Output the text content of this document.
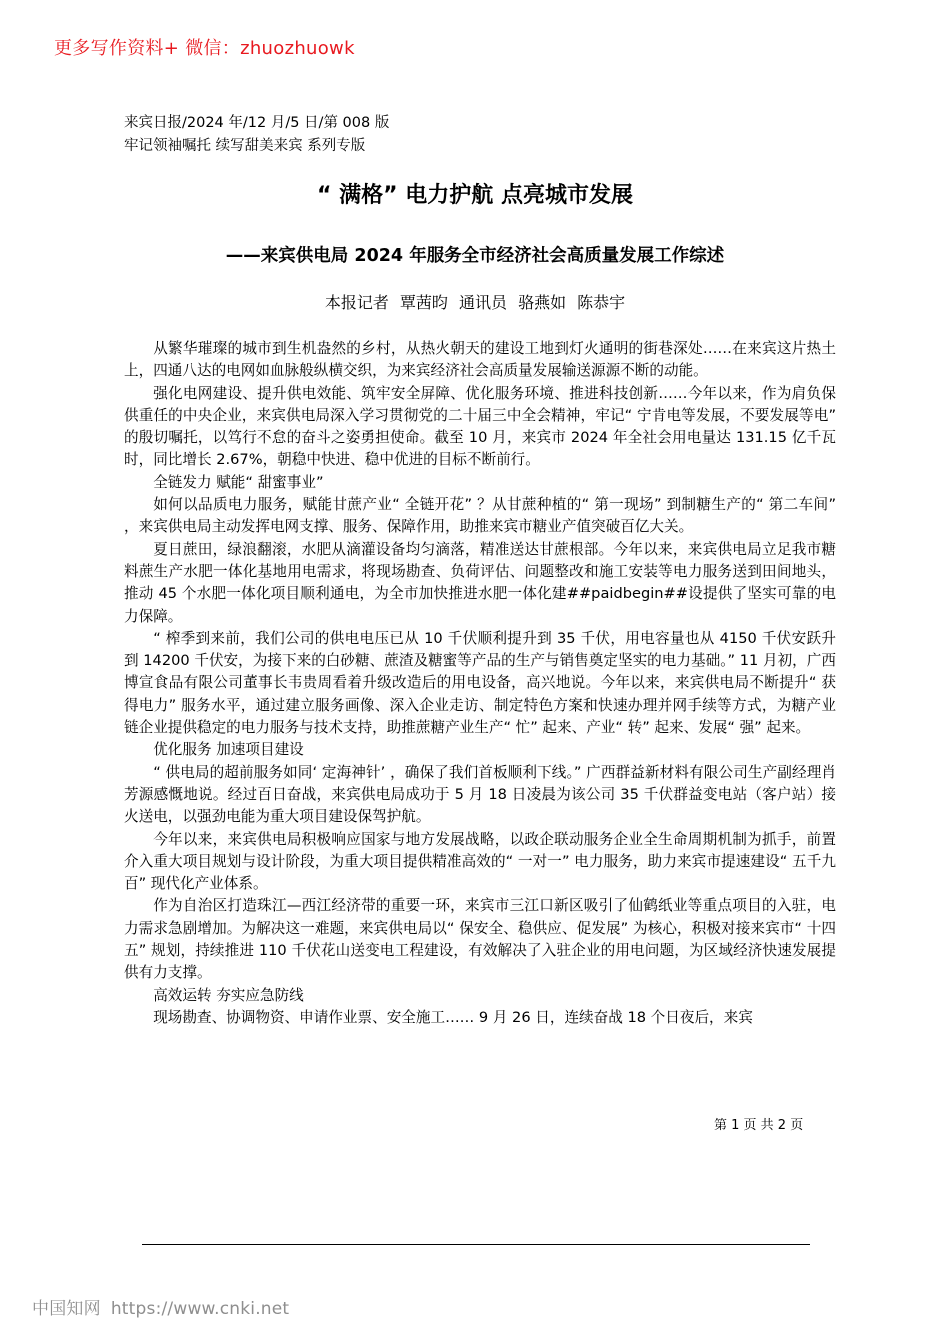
更多写作资料+ 微信：zhuozhuowk
来宾日报/2024 年/12 月/5 日/第 008 版
牢记领袖嘱托 续写甜美来宾 系列专版
“ 满格” 电力护航 点亮城市发展
——来宾供电局 2024 年服务全市经济社会高质量发展工作综述
本报记者 覃茜昀 通讯员 骆燕如 陈恭宇

从繁华璀璨的城市到生机盎然的乡村，从热火朝天的建设工地到灯火通明的街巷深处……在来宾这片热土上，四通八达的电网如血脉般纵横交织，为来宾经济社会高质量发展输送源源不断的动能。

强化电网建设、提升供电效能、筑牢安全屏障、优化服务环境、推进科技创新……今年以来，作为肩负保供重任的中央企业，来宾供电局深入学习贯彻党的二十届三中全会精神，牢记“ 宁肯电等发展，不要发展等电” 的殷切嘱托，以笃行不怠的奋斗之姿勇担使命。截至 10 月，来宾市 2024 年全社会用电量达 131.15 亿千瓦时，同比增长 2.67%，朝稳中快进、稳中优进的目标不断前行。

全链发力 赋能“ 甜蜜事业”

如何以品质电力服务，赋能甘蔗产业“ 全链开花” ？从甘蔗种植的“ 第一现场” 到制糖生产的“ 第二车间” ，来宾供电局主动发挥电网支撑、服务、保障作用，助推来宾市糖业产值突破百亿大关。

夏日蔗田，绿浪翻滚，水肥从滴灌设备均匀滴落，精准送达甘蔗根部。今年以来，来宾供电局立足我市糖料蔗生产水肥一体化基地用电需求，将现场勘查、负荷评估、问题整改和施工安装等电力服务送到田间地头，推动 45 个水肥一体化项目顺利通电，为全市加快推进水肥一体化建##paidbegin##设提供了坚实可靠的电力保障。

“ 榨季到来前，我们公司的供电电压已从 10 千伏顺利提升到 35 千伏，用电容量也从 4150 千伏安跃升到 14200 千伏安，为接下来的白砂糖、蔗渣及糖蜜等产品的生产与销售奠定坚实的电力基础。” 11 月初，广西博宣食品有限公司董事长韦贵周看着升级改造后的用电设备，高兴地说。今年以来，来宾供电局不断提升“ 获得电力” 服务水平，通过建立服务画像、深入企业走访、制定特色方案和快速办理并网手续等方式，为糖产业链企业提供稳定的电力服务与技术支持，助推蔗糖产业生产“ 忙” 起来、产业“ 转” 起来、发展“ 强” 起来。

优化服务 加速项目建设

“ 供电局的超前服务如同‘ 定海神针’ ，确保了我们首板顺利下线。” 广西群益新材料有限公司生产副经理肖芳源感慨地说。经过百日奋战，来宾供电局成功于 5 月 18 日凌晨为该公司 35 千伏群益变电站（客户站）接火送电，以强劲电能为重大项目建设保驾护航。

今年以来，来宾供电局积极响应国家与地方发展战略，以政企联动服务企业全生命周期机制为抓手，前置介入重大项目规划与设计阶段，为重大项目提供精准高效的“ 一对一” 电力服务，助力来宾市提速建设“ 五千九百” 现代化产业体系。

作为自治区打造珠江—西江经济带的重要一环，来宾市三江口新区吸引了仙鹤纸业等重点项目的入驻，电力需求急剧增加。为解决这一难题，来宾供电局以“ 保安全、稳供应、促发展” 为核心，积极对接来宾市“ 十四五” 规划，持续推进 110 千伏花山送变电工程建设，有效解决了入驻企业的用电问题，为区域经济快速发展提供有力支撑。

高效运转 夯实应急防线

现场勘查、协调物资、申请作业票、安全施工…… 9 月 26 日，连续奋战 18 个日夜后，来宾

第 1 页 共 2 页
中国知网 https://www.cnki.net
